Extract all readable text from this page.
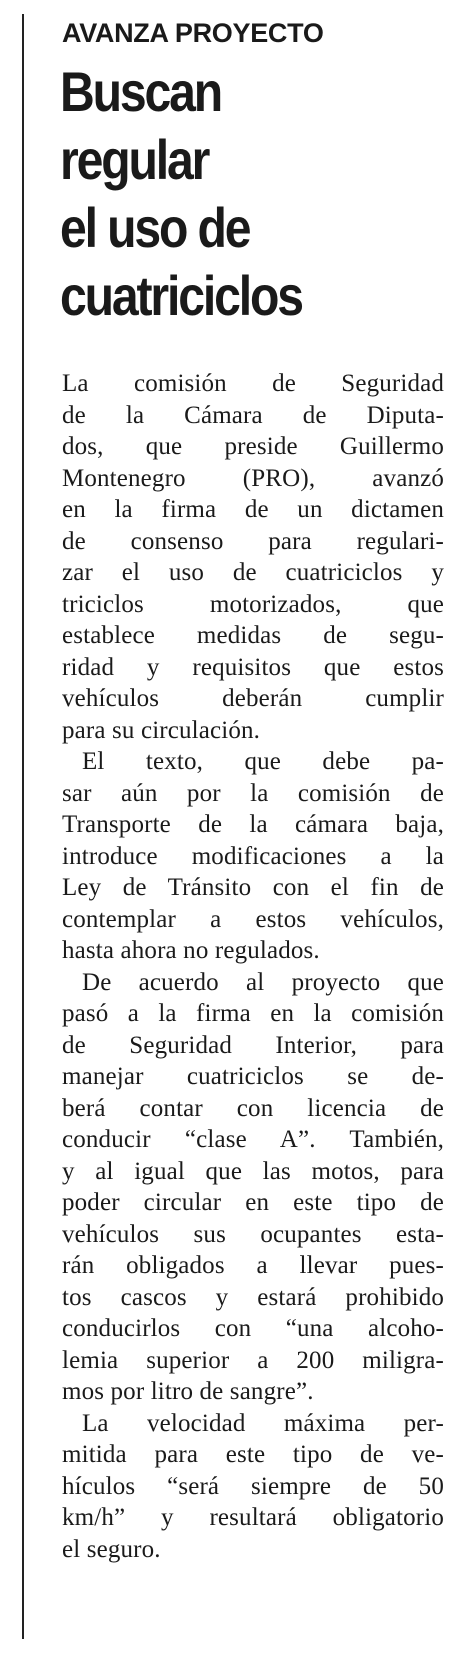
AVANZA PROYECTO
Buscan
regular
el uso de
cuatriciclos

La comisión de Seguridad
de la Cámara de Diputa-
dos, que preside Guillermo
Montenegro (PRO), avanzó
en la firma de un dictamen
de consenso para regulari-
zar el uso de cuatriciclos y
triciclos motorizados, que
establece medidas de segu-
ridad y requisitos que estos
vehículos deberán cumplir
para su circulación.

El texto, que debe pa-
sar aún por la comisión de
Transporte de la cámara baja,
introduce modificaciones a la
Ley de Tránsito con el fin de
contemplar a estos vehículos,
hasta ahora no regulados.

De acuerdo al proyecto que
pasó a la firma en la comisión
de Seguridad Interior, para
manejar cuatriciclos se de-
berá contar con licencia de
conducir “clase A”. También,
y al igual que las motos, para
poder circular en este tipo de
vehículos sus ocupantes esta-
rán obligados a llevar pues-
tos cascos y estará prohibido
conducirlos con “una alcoho-
lemia superior a 200 miligra-
mos por litro de sangre”.

La velocidad máxima per-
mitida para este tipo de ve-
hículos “será siempre de 50
km/h” y resultará obligatorio
el seguro.
